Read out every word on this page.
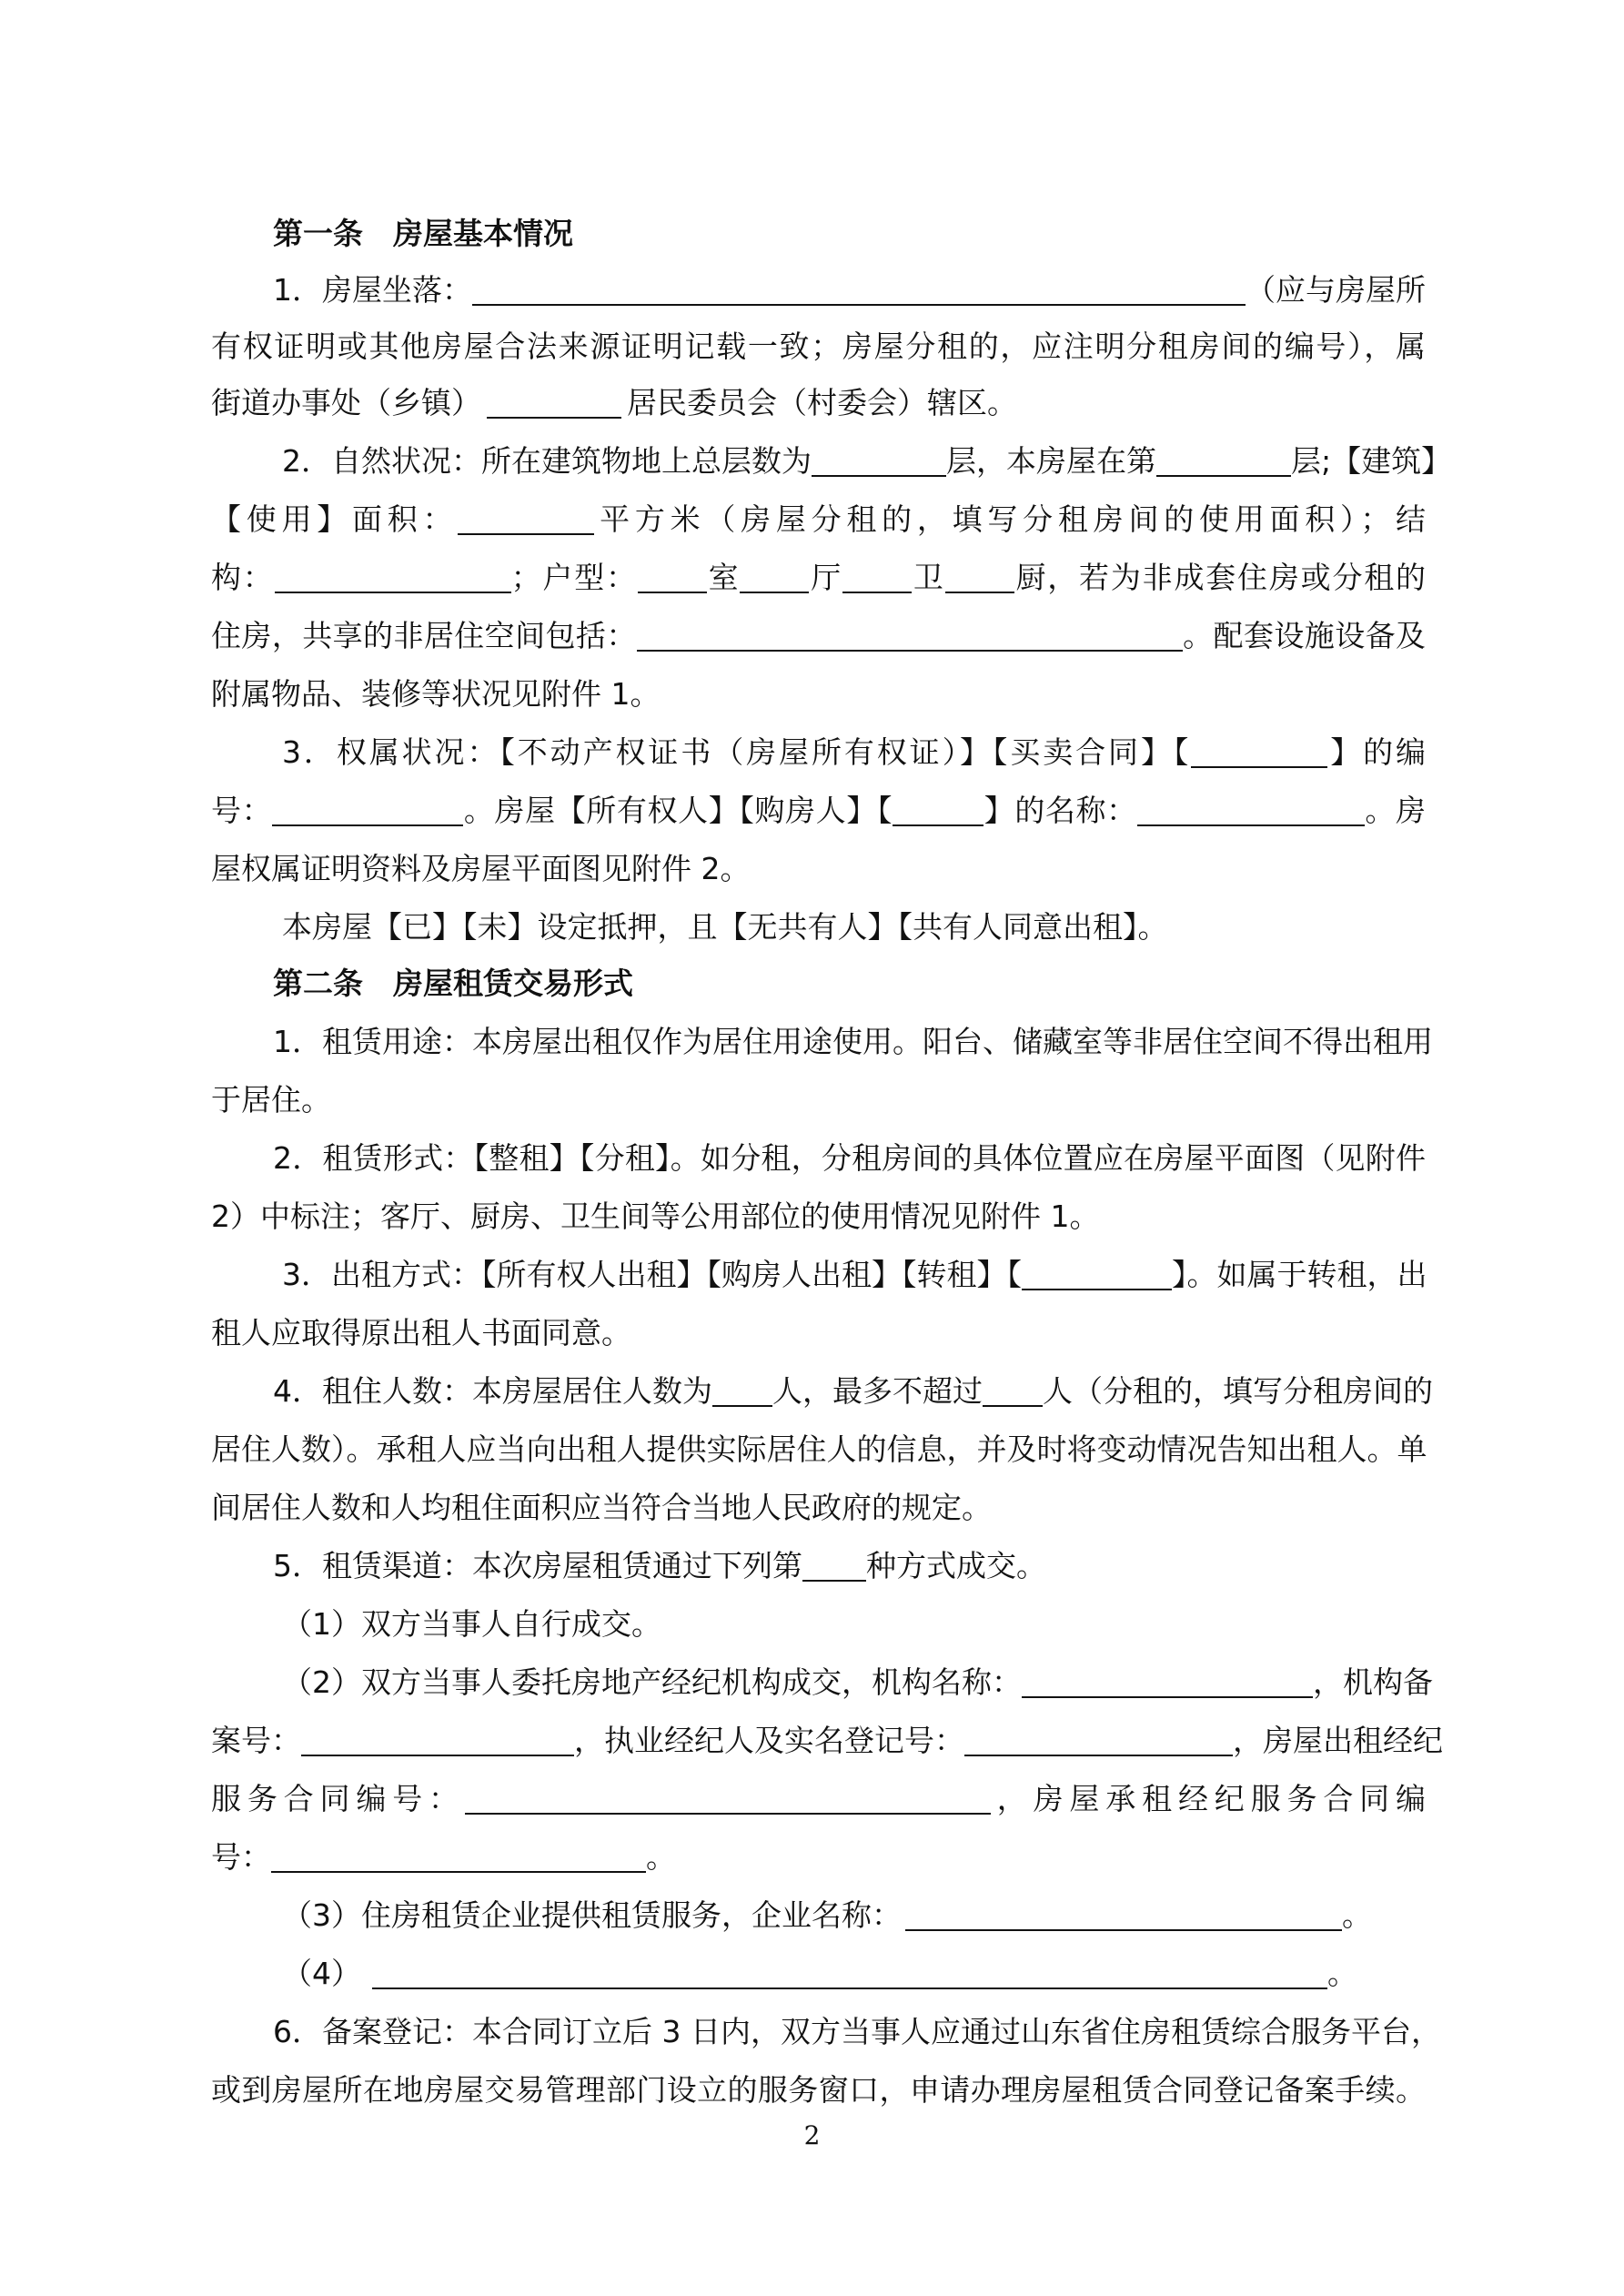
第一条　房屋基本情况
1．房屋坐落：	（应与房屋所
有权证明或其他房屋合法来源证明记载一致；房屋分租的，应注明分租房间的编号），属
街道办事处（乡镇）	居民委员会（村委会）辖区。
2．自然状况：所在建筑物地上总层数为	层，本房屋在第	层;【建筑】
【使用】面积：	平方米（房屋分租的，填写分租房间的使用面积）；结
构：	；户型： 室 厅 卫 厨，若为非成套住房或分租的
住房，共享的非居住空间包括：	。配套设施设备及
附属物品、装修等状况见附件 1。
3．权属状况：【不动产权证书（房屋所有权证）】【买卖合同】【	】的编
号：	。房屋【所有权人】【购房人】【	】的名称：	。房
屋权属证明资料及房屋平面图见附件 2。
本房屋【已】【未】设定抵押，且【无共有人】【共有人同意出租】。
第二条　房屋租赁交易形式
1．租赁用途：本房屋出租仅作为居住用途使用。阳台、储藏室等非居住空间不得出租用
于居住。
2．租赁形式：【整租】【分租】。如分租，分租房间的具体位置应在房屋平面图（见附件
2）中标注；客厅、厨房、卫生间等公用部位的使用情况见附件 1。
3．出租方式：【所有权人出租】【购房人出租】【转租】【	】。如属于转租，出
租人应取得原出租人书面同意。
4．租住人数：本房屋居住人数为 人，最多不超过 人（分租的，填写分租房间的
居住人数）。承租人应当向出租人提供实际居住人的信息，并及时将变动情况告知出租人。单
间居住人数和人均租住面积应当符合当地人民政府的规定。
5．租赁渠道：本次房屋租赁通过下列第 种方式成交。
（1）双方当事人自行成交。
（2）双方当事人委托房地产经纪机构成交，机构名称：	，机构备
案号：	，执业经纪人及实名登记号：	，房屋出租经纪
服务合同编号：	，房屋承租经纪服务合同编
号：	。
（3）住房租赁企业提供租赁服务，企业名称：	。
（4）	。
6．备案登记：本合同订立后 3 日内，双方当事人应通过山东省住房租赁综合服务平台，
或到房屋所在地房屋交易管理部门设立的服务窗口，申请办理房屋租赁合同登记备案手续。
2
